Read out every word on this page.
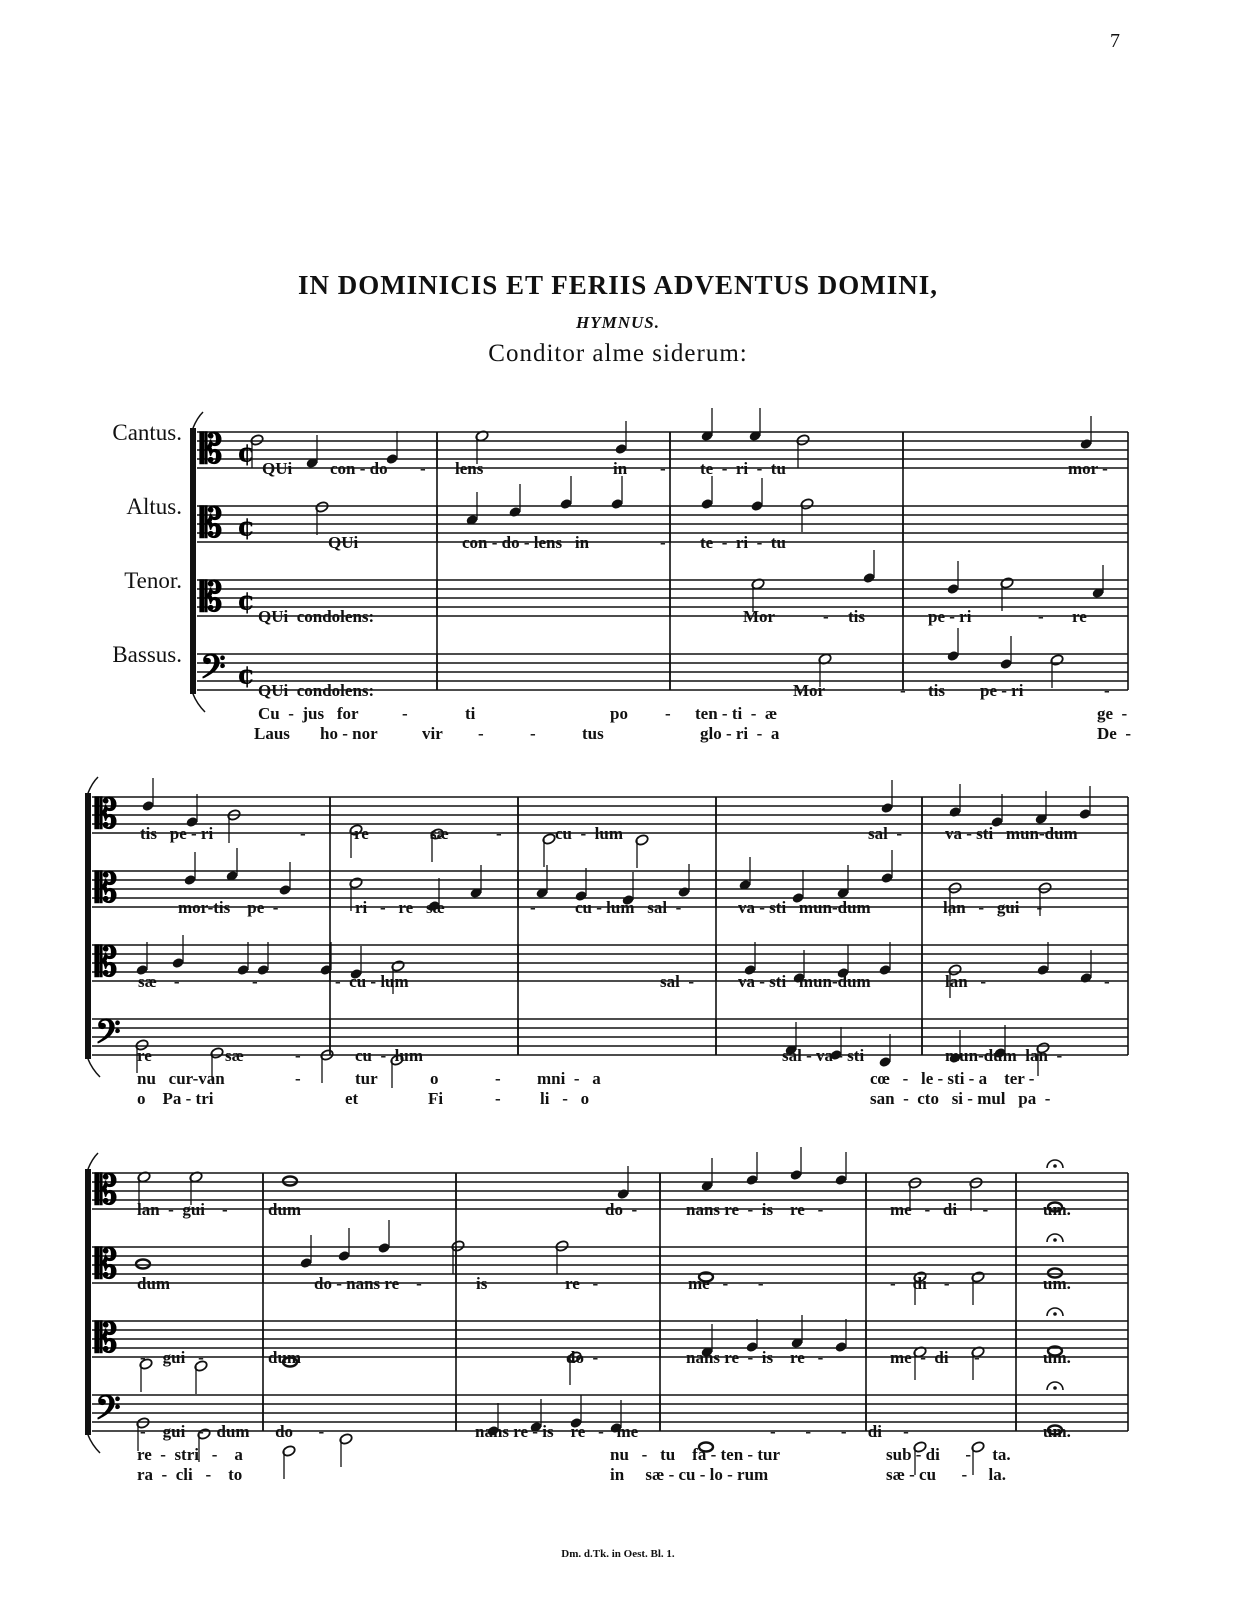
7
IN DOMINICIS ET FERIIS ADVENTUS DOMINI,
HYMNUS.
Conditor alme siderum:
Cantus.
Altus.
Tenor.
Bassus.
𝄡 ¢
𝄡 ¢
𝄡 ¢
𝄢 ¢
𝄡
𝄡
𝄡
𝄢
𝄡
𝄡
𝄡
𝄢
QUi con - do - lens	in - te  -  ri  -  tu	mor -
QUi	con - do - lens   in	- te  -  ri  -  tu
QUi  condolens:	Mor	- tis	pe - ri	- re
QUi  condolens:	Mor	- tis pe - ri	-
Cu  -  jus   for	-	ti	po - ten - ti  -  æ	ge  -
Laus ho - nor	vir -	-	tus	glo - ri  -  a	De  -
tis   pe - ri	-	re	sæ	-	cu  -  lum	sal  -	va - sti   mun-dum
mor-tis    pe  -	ri   -   re   sæ	- cu - lum   sal  -	va - sti   mun-dum	lan   -   gui    -
sæ    -	-	-  cu - lum	sal  -	va - sti   mun-dum	lan   -	-
re	sæ	-	cu  -  lum	sal - va - sti	mun-dum  lan  -
nu   cur-van	-	tur	o	- mni  -   a	cœ   -   le - sti - a    ter -
o    Pa - tri	et	Fi	- li   -   o	san  -  cto   si - mul   pa  -
lan  -  gui    - dum	do  -	nans re  -  is    re   -	me   -   di      -	um.
dum	do - nans re    -	is	re   -	me   -       -	-    di    -	um.
-    gui   -	dum	do  -	nans re  -  is    re   -	me  -  di      -	um.
-    gui   -   dum      do      -	nans re - is    re   -   me	-       -       -     di     -	um.
re  -  stri   -    a	nu   -   tu    fa - ten - tur	sub - di      -     ta.
ra  -  cli   -    to	in     sæ - cu - lo - rum	sæ - cu      -     la.
Dm. d.Tk. in Oest. Bl. 1.
